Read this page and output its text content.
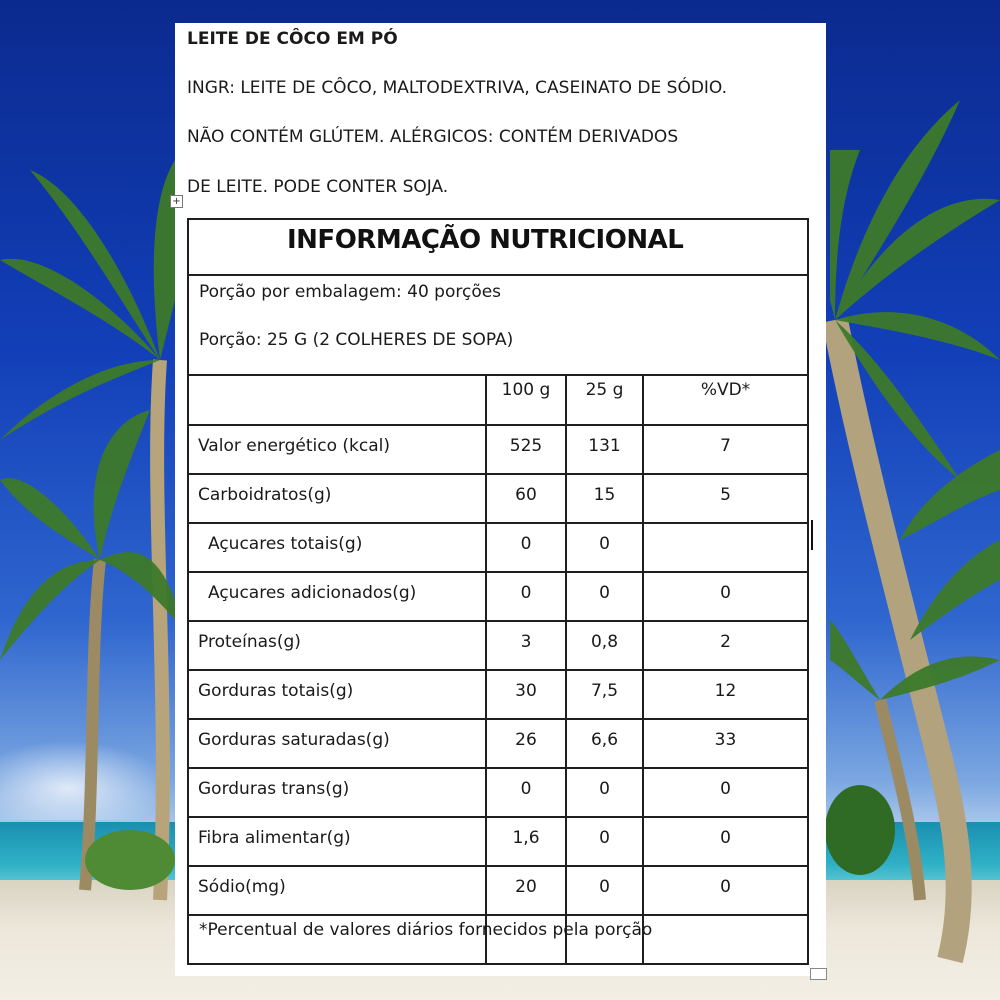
LEITE DE CÔCO EM PÓ
INGR: LEITE DE CÔCO, MALTODEXTRIVA, CASEINATO DE SÓDIO.
NÃO CONTÉM GLÚTEM. ALÉRGICOS: CONTÉM DERIVADOS
DE LEITE. PODE CONTER SOJA.
+
INFORMAÇÃO NUTRICIONAL
Porção por embalagem: 40 porções
Porção: 25 G (2 COLHERES DE SOPA)
	100 g	25 g	%VD*
Valor energético (kcal)	525	131	7
Carboidratos(g)	60	15	5
Açucares totais(g)	0	0	
Açucares adicionados(g)	0	0	0
Proteínas(g)	3	0,8	2
Gorduras totais(g)	30	7,5	12
Gorduras saturadas(g)	26	6,6	33
Gorduras trans(g)	0	0	0
Fibra alimentar(g)	1,6	0	0
Sódio(mg)	20	0	0

*Percentual de valores diários fornecidos pela porção
